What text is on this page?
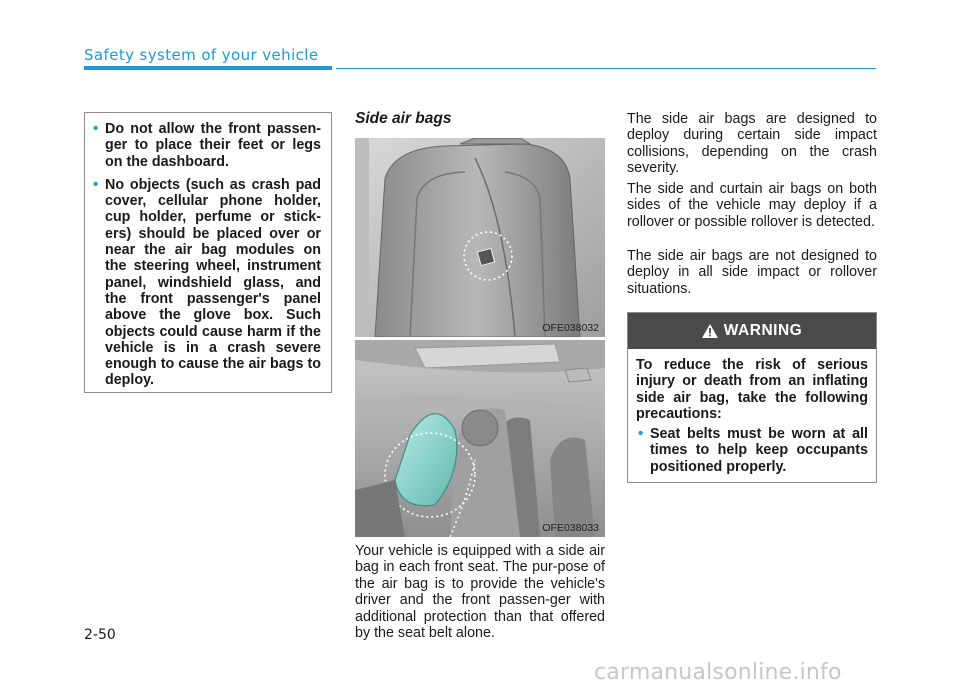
Safety system of your vehicle
• Do not allow the front passen-ger to place their feet or legs on the dashboard.
• No objects (such as crash pad cover, cellular phone holder, cup holder, perfume or stick-ers) should be placed over or near the air bag modules on the steering wheel, instrument panel, windshield glass, and the front passenger's panel above the glove box. Such objects could cause harm if the vehicle is in a crash severe enough to cause the air bags to deploy.
Side air bags
OFE038032
OFE038033

Your vehicle is equipped with a side air bag in each front seat. The pur-pose of the air bag is to provide the vehicle's driver and the front passen-ger with additional protection than that offered by the seat belt alone.

The side air bags are designed to deploy during certain side impact collisions, depending on the crash severity.

The side and curtain air bags on both sides of the vehicle may deploy if a rollover or possible rollover is detected.

The side air bags are not designed to deploy in all side impact or rollover situations.

WARNING

To reduce the risk of serious injury or death from an inflating side air bag, take the following precautions:

• Seat belts must be worn at all times to help keep occupants positioned properly.
2-50
carmanualsonline.info
